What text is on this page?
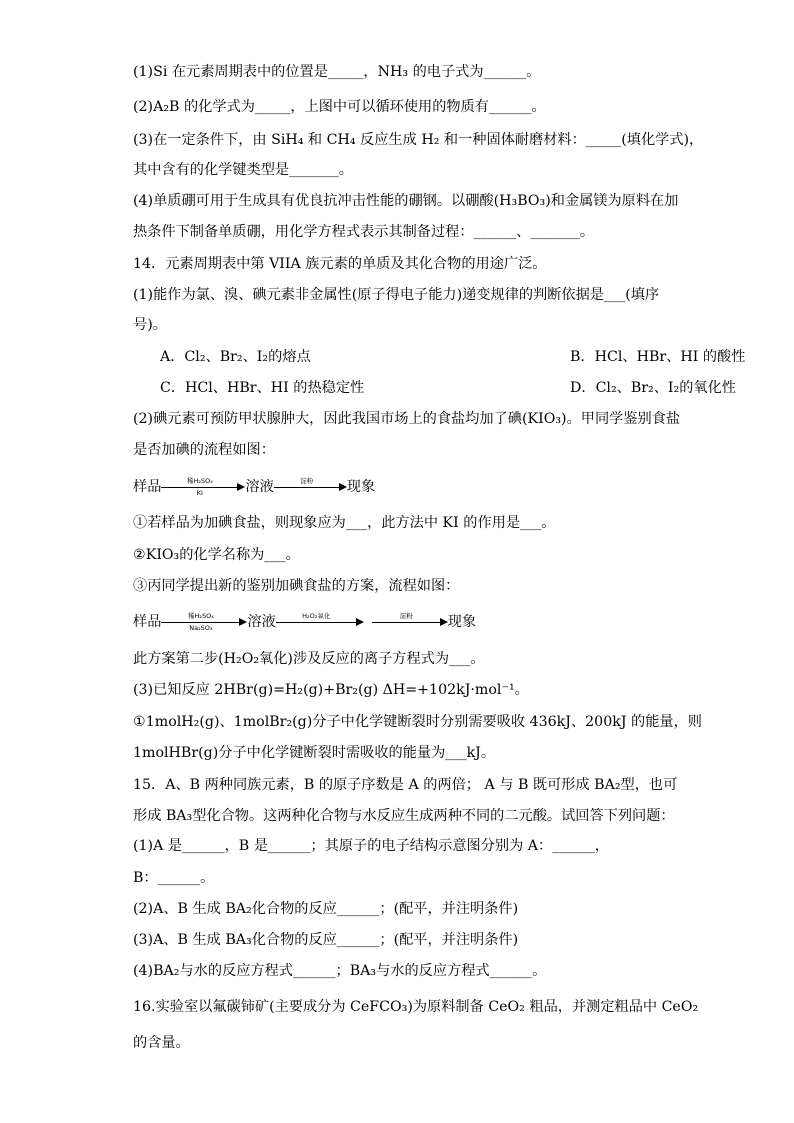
(1)Si 在元素周期表中的位置是_____，NH₃ 的电子式为______。
(2)A₂B 的化学式为_____，上图中可以循环使用的物质有______。
(3)在一定条件下，由 SiH₄ 和 CH₄ 反应生成 H₂ 和一种固体耐磨材料：_____(填化学式)，
其中含有的化学键类型是_______。
(4)单质硼可用于生成具有优良抗冲击性能的硼钢。以硼酸(H₃BO₃)和金属镁为原料在加
热条件下制备单质硼，用化学方程式表示其制备过程：______、_______。
14．元素周期表中第 VIIA 族元素的单质及其化合物的用途广泛。
(1)能作为氯、溴、碘元素非金属性(原子得电子能力)递变规律的判断依据是___(填序
号)。
A．Cl₂、Br₂、I₂的熔点	B．HCl、HBr、HI 的酸性
C．HCl、HBr、HI 的热稳定性	D．Cl₂、Br₂、I₂的氧化性
(2)碘元素可预防甲状腺肿大，因此我国市场上的食盐均加了碘(KIO₃)。甲同学鉴别食盐
是否加碘的流程如图：
样品	稀H₂SO₄
KI	溶液	淀粉	现象
①若样品为加碘食盐，则现象应为___，此方法中 KI 的作用是___。
②KIO₃的化学名称为___。
③丙同学提出新的鉴别加碘食盐的方案，流程如图：
样品	稀H₂SO₄
Na₂SO₃	溶液	H₂O₂氧化	淀粉	现象
此方案第二步(H₂O₂氧化)涉及反应的离子方程式为___。
(3)已知反应 2HBr(g)=H₂(g)+Br₂(g) ΔH=+102kJ·mol⁻¹。
①1molH₂(g)、1molBr₂(g)分子中化学键断裂时分别需要吸收 436kJ、200kJ 的能量，则
1molHBr(g)分子中化学键断裂时需吸收的能量为___kJ。
15．A、B 两种同族元素，B 的原子序数是 A 的两倍； A 与 B 既可形成 BA₂型，也可
形成 BA₃型化合物。这两种化合物与水反应生成两种不同的二元酸。试回答下列问题：
(1)A 是______，B 是______；其原子的电子结构示意图分别为 A：______，
B：______。
(2)A、B 生成 BA₂化合物的反应______；(配平，并注明条件)
(3)A、B 生成 BA₃化合物的反应______；(配平，并注明条件)
(4)BA₂与水的反应方程式______；BA₃与水的反应方程式______。
16.实验室以氟碳铈矿(主要成分为 CeFCO₃)为原料制备 CeO₂ 粗品，并测定粗品中 CeO₂
的含量。
